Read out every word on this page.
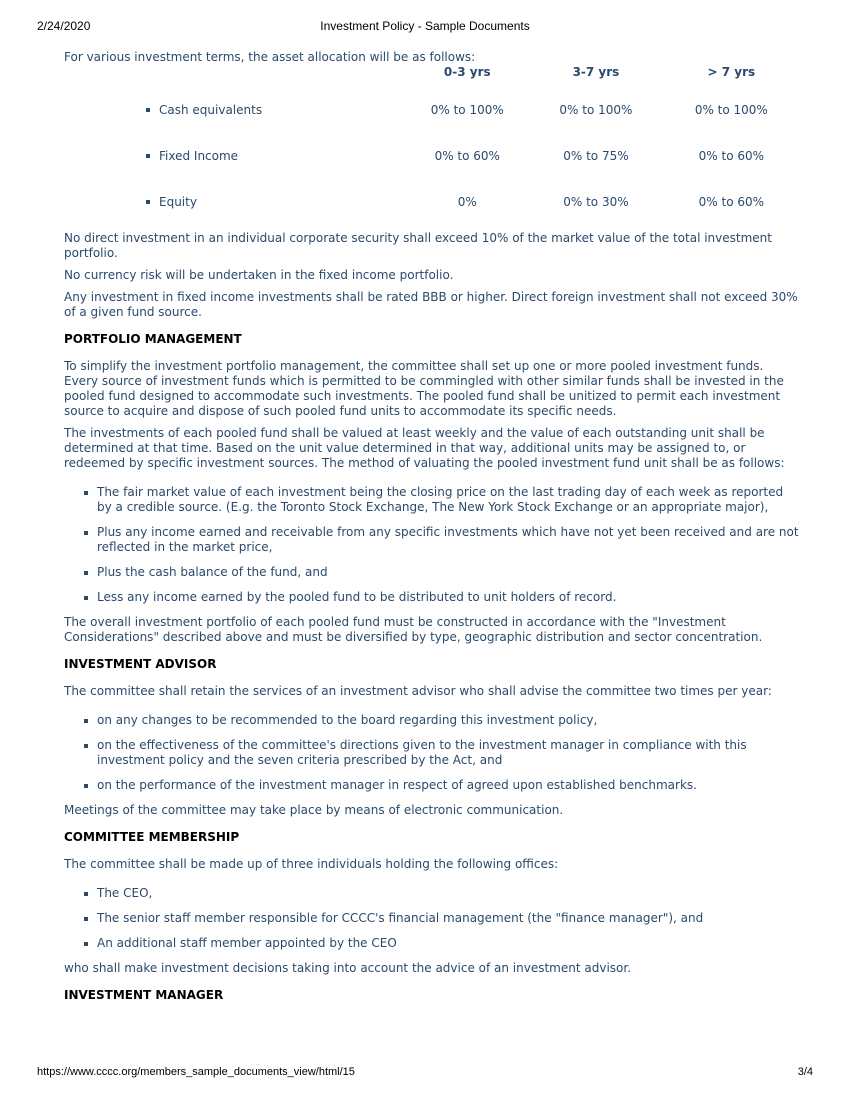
2/24/2020	Investment Policy - Sample Documents

For various investment terms, the asset allocation will be as follows:

	0-3 yrs	3-7 yrs	> 7 yrs
Cash equivalents	0% to 100%	0% to 100%	0% to 100%
Fixed Income	0% to 60%	0% to 75%	0% to 60%
Equity	0%	0% to 30%	0% to 60%

No direct investment in an individual corporate security shall exceed 10% of the market value of the total investment portfolio.

No currency risk will be undertaken in the fixed income portfolio.

Any investment in fixed income investments shall be rated BBB or higher. Direct foreign investment shall not exceed 30% of a given fund source.

PORTFOLIO MANAGEMENT

To simplify the investment portfolio management, the committee shall set up one or more pooled investment funds. Every source of investment funds which is permitted to be commingled with other similar funds shall be invested in the pooled fund designed to accommodate such investments. The pooled fund shall be unitized to permit each investment source to acquire and dispose of such pooled fund units to accommodate its specific needs.

The investments of each pooled fund shall be valued at least weekly and the value of each outstanding unit shall be determined at that time. Based on the unit value determined in that way, additional units may be assigned to, or redeemed by specific investment sources. The method of valuating the pooled investment fund unit shall be as follows:

The fair market value of each investment being the closing price on the last trading day of each week as reported by a credible source. (E.g. the Toronto Stock Exchange, The New York Stock Exchange or an appropriate major),
Plus any income earned and receivable from any specific investments which have not yet been received and are not reflected in the market price,
Plus the cash balance of the fund, and
Less any income earned by the pooled fund to be distributed to unit holders of record.

The overall investment portfolio of each pooled fund must be constructed in accordance with the "Investment Considerations" described above and must be diversified by type, geographic distribution and sector concentration.

INVESTMENT ADVISOR

The committee shall retain the services of an investment advisor who shall advise the committee two times per year:

on any changes to be recommended to the board regarding this investment policy,
on the effectiveness of the committee's directions given to the investment manager in compliance with this investment policy and the seven criteria prescribed by the Act, and
on the performance of the investment manager in respect of agreed upon established benchmarks.

Meetings of the committee may take place by means of electronic communication.

COMMITTEE MEMBERSHIP

The committee shall be made up of three individuals holding the following offices:

The CEO,
The senior staff member responsible for CCCC's financial management (the "finance manager"), and
An additional staff member appointed by the CEO

who shall make investment decisions taking into account the advice of an investment advisor.

INVESTMENT MANAGER
https://www.cccc.org/members_sample_documents_view/html/15	3/4
